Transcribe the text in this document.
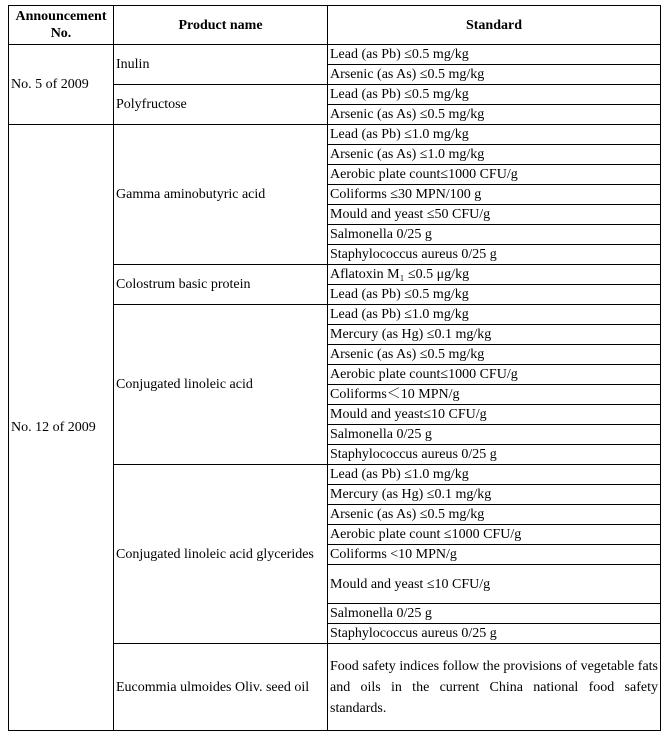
Announcement No.	Product name	Standard
No. 5 of 2009	Inulin	Lead (as Pb) ≤0.5 mg/kg
		Arsenic (as As) ≤0.5 mg/kg
	Polyfructose	Lead (as Pb) ≤0.5 mg/kg
		Arsenic (as As) ≤0.5 mg/kg
No. 12 of 2009	Gamma aminobutyric acid	Lead (as Pb) ≤1.0 mg/kg
		Arsenic (as As) ≤1.0 mg/kg
		Aerobic plate count≤1000 CFU/g
		Coliforms ≤30 MPN/100 g
		Mould and yeast ≤50 CFU/g
		Salmonella 0/25 g
		Staphylococcus aureus 0/25 g
	Colostrum basic protein	Aflatoxin M₁ ≤0.5 μg/kg
		Lead (as Pb) ≤0.5 mg/kg
	Conjugated linoleic acid	Lead (as Pb) ≤1.0 mg/kg
		Mercury (as Hg) ≤0.1 mg/kg
		Arsenic (as As) ≤0.5 mg/kg
		Aerobic plate count≤1000 CFU/g
		Coliforms＜10 MPN/g
		Mould and yeast≤10 CFU/g
		Salmonella 0/25 g
		Staphylococcus aureus 0/25 g
	Conjugated linoleic acid glycerides	Lead (as Pb) ≤1.0 mg/kg
		Mercury (as Hg) ≤0.1 mg/kg
		Arsenic (as As) ≤0.5 mg/kg
		Aerobic plate count ≤1000 CFU/g
		Coliforms <10 MPN/g
		Mould and yeast ≤10 CFU/g
		Salmonella 0/25 g
		Staphylococcus aureus 0/25 g
	Eucommia ulmoides Oliv. seed oil	Food safety indices follow the provisions of vegetable fats and oils in the current China national food safety standards.
